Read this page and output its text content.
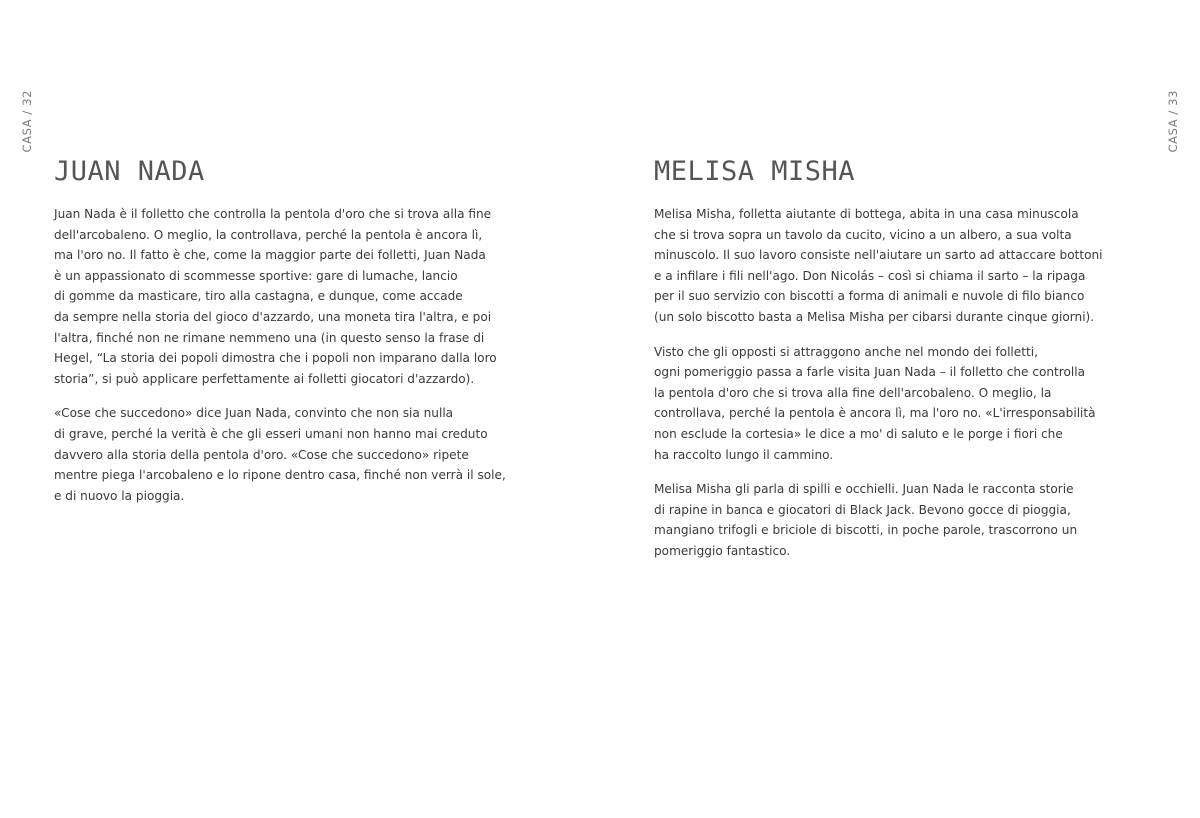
CASA / 32
JUAN NADA

Juan Nada è il folletto che controlla la pentola d'oro che si trova alla fine
dell'arcobaleno. O meglio, la controllava, perché la pentola è ancora lì,
ma l'oro no. Il fatto è che, come la maggior parte dei folletti, Juan Nada
è un appassionato di scommesse sportive: gare di lumache, lancio
di gomme da masticare, tiro alla castagna, e dunque, come accade
da sempre nella storia del gioco d'azzardo, una moneta tira l'altra, e poi
l'altra, finché non ne rimane nemmeno una (in questo senso la frase di
Hegel, “La storia dei popoli dimostra che i popoli non imparano dalla loro
storia”, si può applicare perfettamente ai folletti giocatori d'azzardo).

«Cose che succedono» dice Juan Nada, convinto che non sia nulla
di grave, perché la verità è che gli esseri umani non hanno mai creduto
davvero alla storia della pentola d'oro. «Cose che succedono» ripete
mentre piega l'arcobaleno e lo ripone dentro casa, finché non verrà il sole,
e di nuovo la pioggia.

CASA / 33
MELISA MISHA

Melisa Misha, folletta aiutante di bottega, abita in una casa minuscola
che si trova sopra un tavolo da cucito, vicino a un albero, a sua volta
minuscolo. Il suo lavoro consiste nell'aiutare un sarto ad attaccare bottoni
e a infilare i fili nell'ago. Don Nicolás – così si chiama il sarto – la ripaga
per il suo servizio con biscotti a forma di animali e nuvole di filo bianco
(un solo biscotto basta a Melisa Misha per cibarsi durante cinque giorni).

Visto che gli opposti si attraggono anche nel mondo dei folletti,
ogni pomeriggio passa a farle visita Juan Nada – il folletto che controlla
la pentola d'oro che si trova alla fine dell'arcobaleno. O meglio, la
controllava, perché la pentola è ancora lì, ma l'oro no. «L'irresponsabilità
non esclude la cortesia» le dice a mo' di saluto e le porge i fiori che
ha raccolto lungo il cammino.

Melisa Misha gli parla di spilli e occhielli. Juan Nada le racconta storie
di rapine in banca e giocatori di Black Jack. Bevono gocce di pioggia,
mangiano trifogli e briciole di biscotti, in poche parole, trascorrono un
pomeriggio fantastico.
